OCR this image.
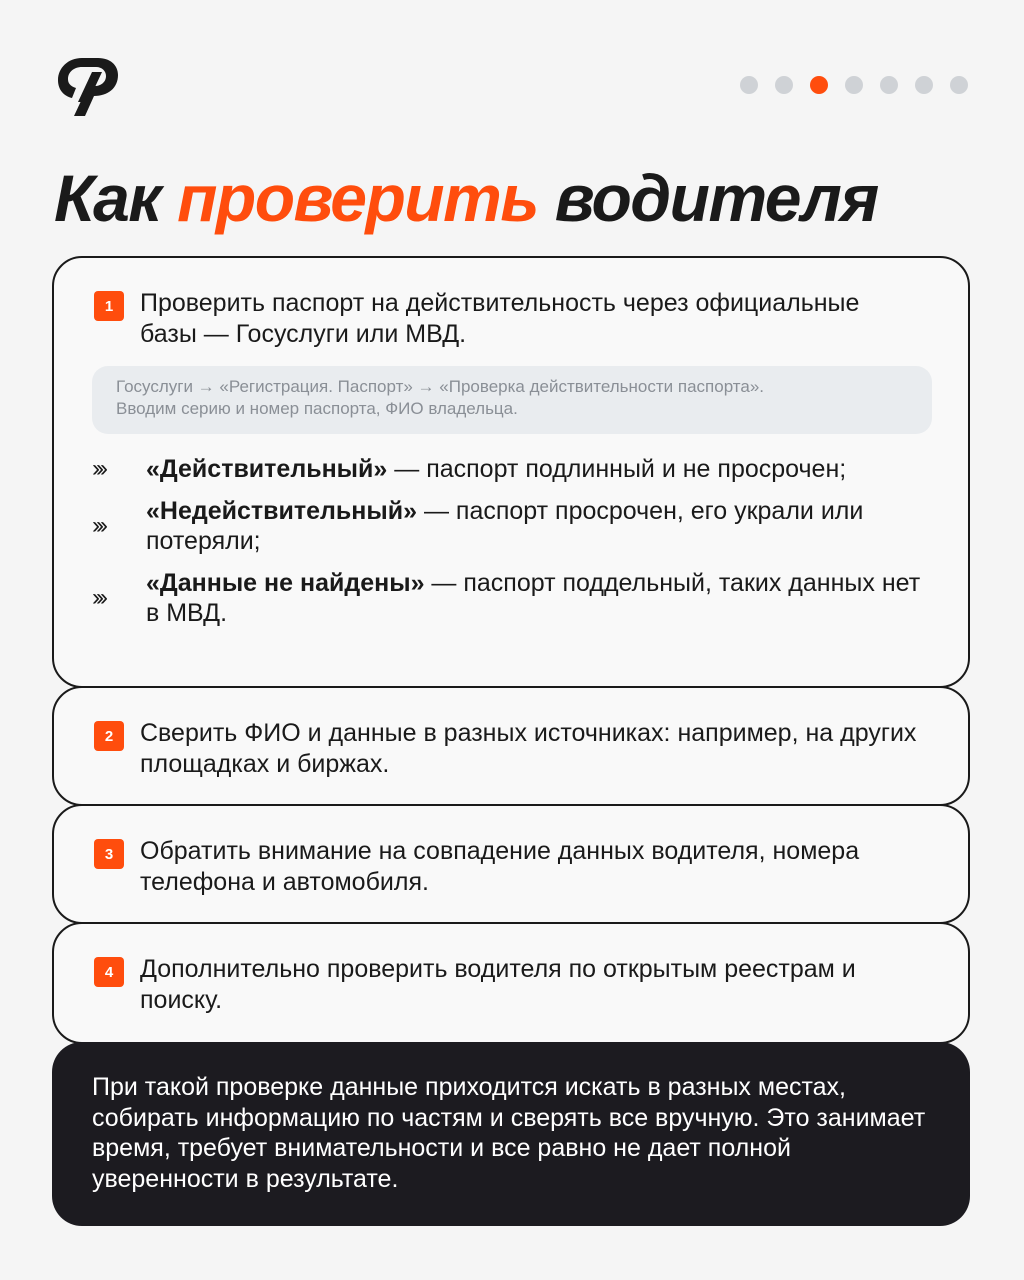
Как проверить водителя
1	Проверить паспорт на действительность через официальные базы — Госуслуги или МВД.

Госуслуги → «Регистрация. Паспорт» → «Проверка действительности паспорта».
Вводим серию и номер паспорта, ФИО владельца.
›››	«Действительный» — паспорт подлинный и не просрочен;

›››

«Недействительный» — паспорт просрочен, его украли или потеряли;

›››

«Данные не найдены» — паспорт поддельный, таких данных нет в МВД.

2	Сверить ФИО и данные в разных источниках: например, на других площадках и биржах.

3	Обратить внимание на совпадение данных водителя, номера телефона и автомобиля.

4	Дополнительно проверить водителя по открытым реестрам и поиску.

При такой проверке данные приходится искать в разных местах, собирать информацию по частям и сверять все вручную. Это занимает время, требует внимательности и все равно не дает полной уверенности в результате.
